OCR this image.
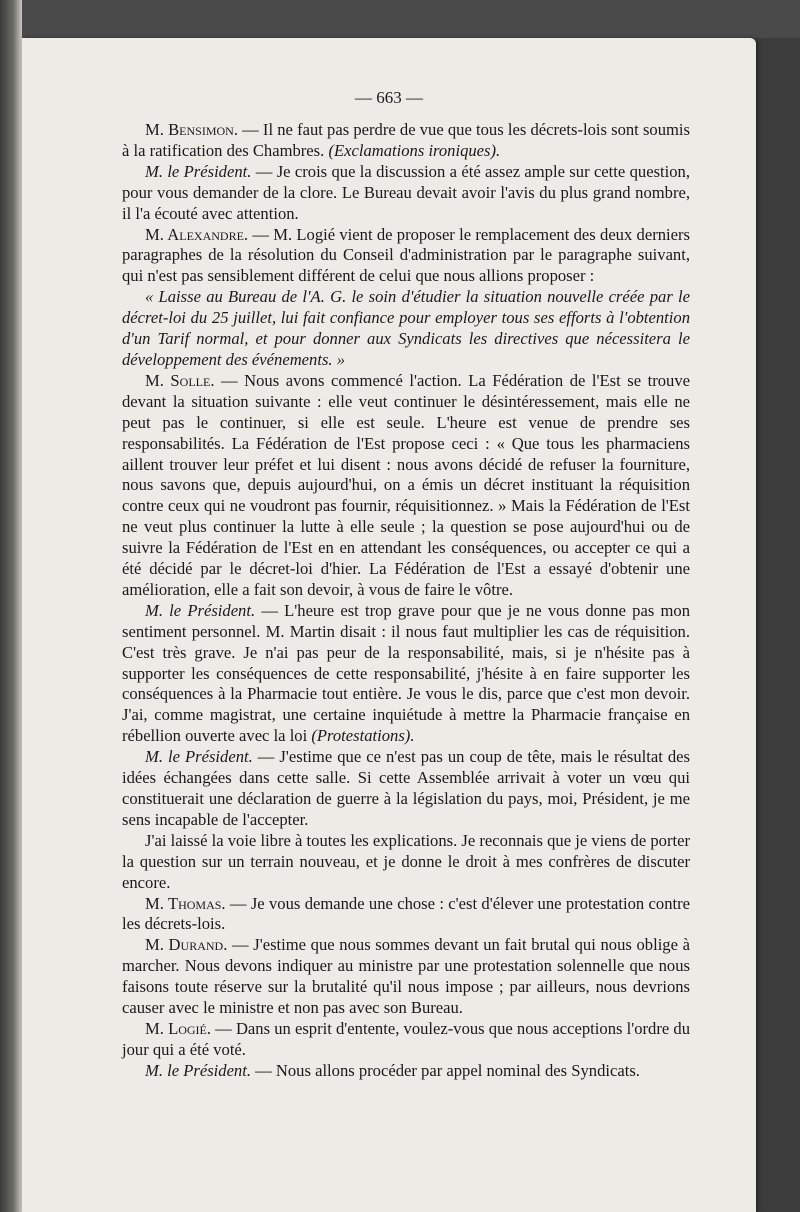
— 663 —

M. Bensimon. — Il ne faut pas perdre de vue que tous les décrets-lois sont soumis à la ratification des Chambres. (Exclamations ironiques).

M. le Président. — Je crois que la discussion a été assez ample sur cette question, pour vous demander de la clore. Le Bureau devait avoir l'avis du plus grand nombre, il l'a écouté avec attention.

M. Alexandre. — M. Logié vient de proposer le remplacement des deux derniers paragraphes de la résolution du Conseil d'administration par le paragraphe suivant, qui n'est pas sensiblement différent de celui que nous allions proposer :

« Laisse au Bureau de l'A. G. le soin d'étudier la situation nouvelle créée par le décret-loi du 25 juillet, lui fait confiance pour employer tous ses efforts à l'obtention d'un Tarif normal, et pour donner aux Syndicats les directives que nécessitera le développement des événements. »

M. Solle. — Nous avons commencé l'action. La Fédération de l'Est se trouve devant la situation suivante : elle veut continuer le désintéressement, mais elle ne peut pas le continuer, si elle est seule. L'heure est venue de prendre ses responsabilités. La Fédération de l'Est propose ceci : « Que tous les pharmaciens aillent trouver leur préfet et lui disent : nous avons décidé de refuser la fourniture, nous savons que, depuis aujourd'hui, on a émis un décret instituant la réquisition contre ceux qui ne voudront pas fournir, réquisitionnez. » Mais la Fédération de l'Est ne veut plus continuer la lutte à elle seule ; la question se pose aujourd'hui ou de suivre la Fédération de l'Est en en attendant les conséquences, ou accepter ce qui a été décidé par le décret-loi d'hier. La Fédération de l'Est a essayé d'obtenir une amélioration, elle a fait son devoir, à vous de faire le vôtre.

M. le Président. — L'heure est trop grave pour que je ne vous donne pas mon sentiment personnel. M. Martin disait : il nous faut multiplier les cas de réquisition. C'est très grave. Je n'ai pas peur de la responsabilité, mais, si je n'hésite pas à supporter les conséquences de cette responsabilité, j'hésite à en faire supporter les conséquences à la Pharmacie tout entière. Je vous le dis, parce que c'est mon devoir. J'ai, comme magistrat, une certaine inquiétude à mettre la Pharmacie française en rébellion ouverte avec la loi (Protestations).

M. le Président. — J'estime que ce n'est pas un coup de tête, mais le résultat des idées échangées dans cette salle. Si cette Assemblée arrivait à voter un vœu qui constituerait une déclaration de guerre à la législation du pays, moi, Président, je me sens incapable de l'accepter.

J'ai laissé la voie libre à toutes les explications. Je reconnais que je viens de porter la question sur un terrain nouveau, et je donne le droit à mes confrères de discuter encore.

M. Thomas. — Je vous demande une chose : c'est d'élever une protestation contre les décrets-lois.

M. Durand. — J'estime que nous sommes devant un fait brutal qui nous oblige à marcher. Nous devons indiquer au ministre par une protestation solennelle que nous faisons toute réserve sur la brutalité qu'il nous impose ; par ailleurs, nous devrions causer avec le ministre et non pas avec son Bureau.

M. Logié. — Dans un esprit d'entente, voulez-vous que nous acceptions l'ordre du jour qui a été voté.

M. le Président. — Nous allons procéder par appel nominal des Syndicats.
